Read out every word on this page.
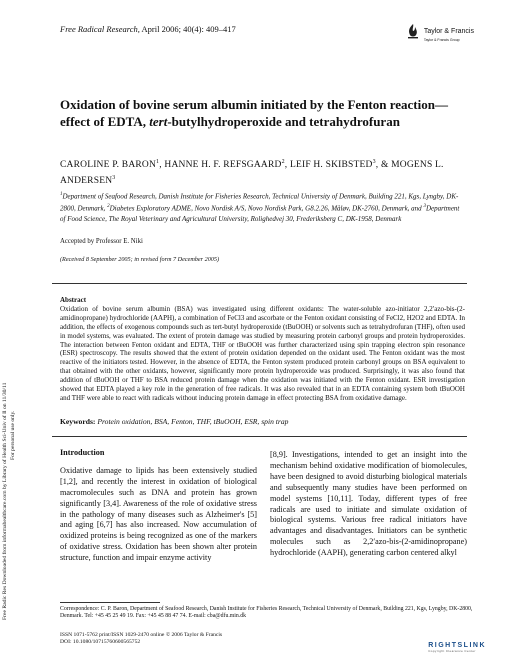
Free Radic Res Downloaded from informahealthcare.com by Library of Health Sci-Univ of Il on 11/30/11 For personal use only.
Free Radical Research, April 2006; 40(4): 409–417	Taylor & Francis
Taylor & Francis Group
Oxidation of bovine serum albumin initiated by the Fenton reaction—effect of EDTA, tert-butylhydroperoxide and tetrahydrofuran
CAROLINE P. BARON$^1$, HANNE H. F. REFSGAARD$^2$, LEIF H. SKIBSTED$^3$, & MOGENS L. ANDERSEN$^3$
$^1$Department of Seafood Research, Danish Institute for Fisheries Research, Technical University of Denmark, Building 221, Kgs, Lyngby, DK-2800, Denmark, $^2$Diabetes Exploratory ADME, Novo Nordisk A/S, Novo Nordisk Park, G8.2.26, Måløv, DK-2760, Denmark, and $^3$Department of Food Science, The Royal Veterinary and Agricultural University, Rolighedvej 30, Frederiksberg C, DK-1958, Denmark
Accepted by Professor E. Niki
(Received 8 September 2005; in revised form 7 December 2005)
Abstract
Oxidation of bovine serum albumin (BSA) was investigated using different oxidants: The water-soluble azo-initiator 2,2′azo-bis-(2-amidinopropane) hydrochloride (AAPH), a combination of FeCl3 and ascorbate or the Fenton oxidant consisting of FeCl2, H2O2 and EDTA. In addition, the effects of exogenous compounds such as tert-butyl hydroperoxide (tBuOOH) or solvents such as tetrahydrofuran (THF), often used in model systems, was evaluated. The extent of protein damage was studied by measuring protein carbonyl groups and protein hydroperoxides. The interaction between Fenton oxidant and EDTA, THF or tBuOOH was further characterized using spin trapping electron spin resonance (ESR) spectroscopy. The results showed that the extent of protein oxidation depended on the oxidant used. The Fenton oxidant was the most reactive of the initiators tested. However, in the absence of EDTA, the Fenton system produced protein carbonyl groups on BSA equivalent to that obtained with the other oxidants, however, significantly more protein hydroperoxide was produced. Surprisingly, it was also found that addition of tBuOOH or THF to BSA reduced protein damage when the oxidation was initiated with the Fenton oxidant. ESR investigation showed that EDTA played a key role in the generation of free radicals. It was also revealed that in an EDTA containing system both tBuOOH and THF were able to react with radicals without inducing protein damage in effect protecting BSA from oxidative damage.
Keywords: Protein oxidation, BSA, Fenton, THF, tBuOOH, ESR, spin trap
Introduction
Oxidative damage to lipids has been extensively studied [1,2], and recently the interest in oxidation of biological macromolecules such as DNA and protein has grown significantly [3,4]. Awareness of the role of oxidative stress in the pathology of many diseases such as Alzheimer's [5] and aging [6,7] has also increased. Now accumulation of oxidized proteins is being recognized as one of the markers of oxidative stress. Oxidation has been shown alter protein structure, function and impair enzyme activity
[8,9]. Investigations, intended to get an insight into the mechanism behind oxidative modification of biomolecules, have been designed to avoid disturbing biological materials and subsequently many studies have been performed on model systems [10,11]. Today, different types of free radicals are used to initiate and simulate oxidation of biological systems. Various free radical initiators have advantages and disadvantages. Initiators can be synthetic molecules such as 2,2′azo-bis-(2-amidinopropane) hydrochloride (AAPH), generating carbon centered alkyl
Correspondence: C. P. Baron, Department of Seafood Research, Danish Institute for Fisheries Research, Technical University of Denmark, Building 221, Kgs, Lyngby, DK-2800, Denmark. Tel: +45 45 25 49 19. Fax: +45 45 88 47 74. E-mail: cba@dfu.min.dk
ISSN 1071-5762 print/ISSN 1029-2470 online © 2006 Taylor & Francis
DOI: 10.1080/10715760600565752	RIGHTSLINK
Copyright Clearance Center
